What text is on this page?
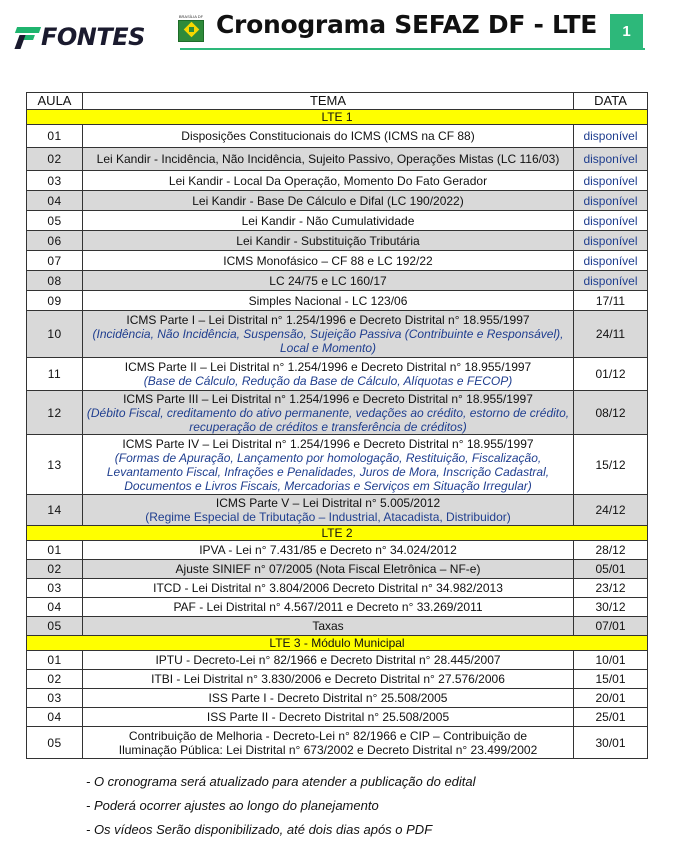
FONTES
BRASÍLIA DF Cronograma SEFAZ DF - LTE	1
AULA	TEMA	DATA
LTE 1		
01	Disposições Constitucionais do ICMS (ICMS na CF 88)	disponível
02	Lei Kandir - Incidência, Não Incidência, Sujeito Passivo, Operações Mistas (LC 116/03)	disponível
03	Lei Kandir - Local Da Operação, Momento Do Fato Gerador	disponível
04	Lei Kandir - Base De Cálculo e Difal (LC 190/2022)	disponível
05	Lei Kandir - Não Cumulatividade	disponível
06	Lei Kandir - Substituição Tributária	disponível
07	ICMS Monofásico – CF 88 e LC 192/22	disponível
08	LC 24/75 e LC 160/17	disponível
09	Simples Nacional - LC 123/06	17/11
10	ICMS Parte I – Lei Distrital n° 1.254/1996 e Decreto Distrital n° 18.955/1997
(Incidência, Não Incidência, Suspensão, Sujeição Passiva (Contribuinte e Responsável),
Local e Momento)	24/11
11	ICMS Parte II – Lei Distrital n° 1.254/1996 e Decreto Distrital n° 18.955/1997
(Base de Cálculo, Redução da Base de Cálculo, Alíquotas e FECOP)	01/12
12	ICMS Parte III – Lei Distrital n° 1.254/1996 e Decreto Distrital n° 18.955/1997
(Débito Fiscal, creditamento do ativo permanente, vedações ao crédito, estorno de crédito,
recuperação de créditos e transferência de créditos)	08/12
13	ICMS Parte IV – Lei Distrital n° 1.254/1996 e Decreto Distrital n° 18.955/1997
(Formas de Apuração, Lançamento por homologação, Restituição, Fiscalização,
Levantamento Fiscal, Infrações e Penalidades, Juros de Mora, Inscrição Cadastral,
Documentos e Livros Fiscais, Mercadorias e Serviços em Situação Irregular)	15/12
14	ICMS Parte V – Lei Distrital n° 5.005/2012
(Regime Especial de Tributação – Industrial, Atacadista, Distribuidor)	24/12
LTE 2		
01	IPVA - Lei n° 7.431/85 e Decreto n° 34.024/2012	28/12
02	Ajuste SINIEF n° 07/2005 (Nota Fiscal Eletrônica – NF-e)	05/01
03	ITCD - Lei Distrital n° 3.804/2006 Decreto Distrital n° 34.982/2013	23/12
04	PAF - Lei Distrital n° 4.567/2011 e Decreto n° 33.269/2011	30/12
05	Taxas	07/01
LTE 3 - Módulo Municipal		
01	IPTU - Decreto-Lei n° 82/1966 e Decreto Distrital n° 28.445/2007	10/01
02	ITBI - Lei Distrital n° 3.830/2006 e Decreto Distrital n° 27.576/2006	15/01
03	ISS Parte I - Decreto Distrital n° 25.508/2005	20/01
04	ISS Parte II - Decreto Distrital n° 25.508/2005	25/01
05	Contribuição de Melhoria - Decreto-Lei n° 82/1966 e CIP – Contribuição de
Iluminação Pública: Lei Distrital n° 673/2002 e Decreto Distrital n° 23.499/2002	30/01

- O cronograma será atualizado para atender a publicação do edital

- Poderá ocorrer ajustes ao longo do planejamento

- Os vídeos Serão disponibilizado, até dois dias após o PDF
